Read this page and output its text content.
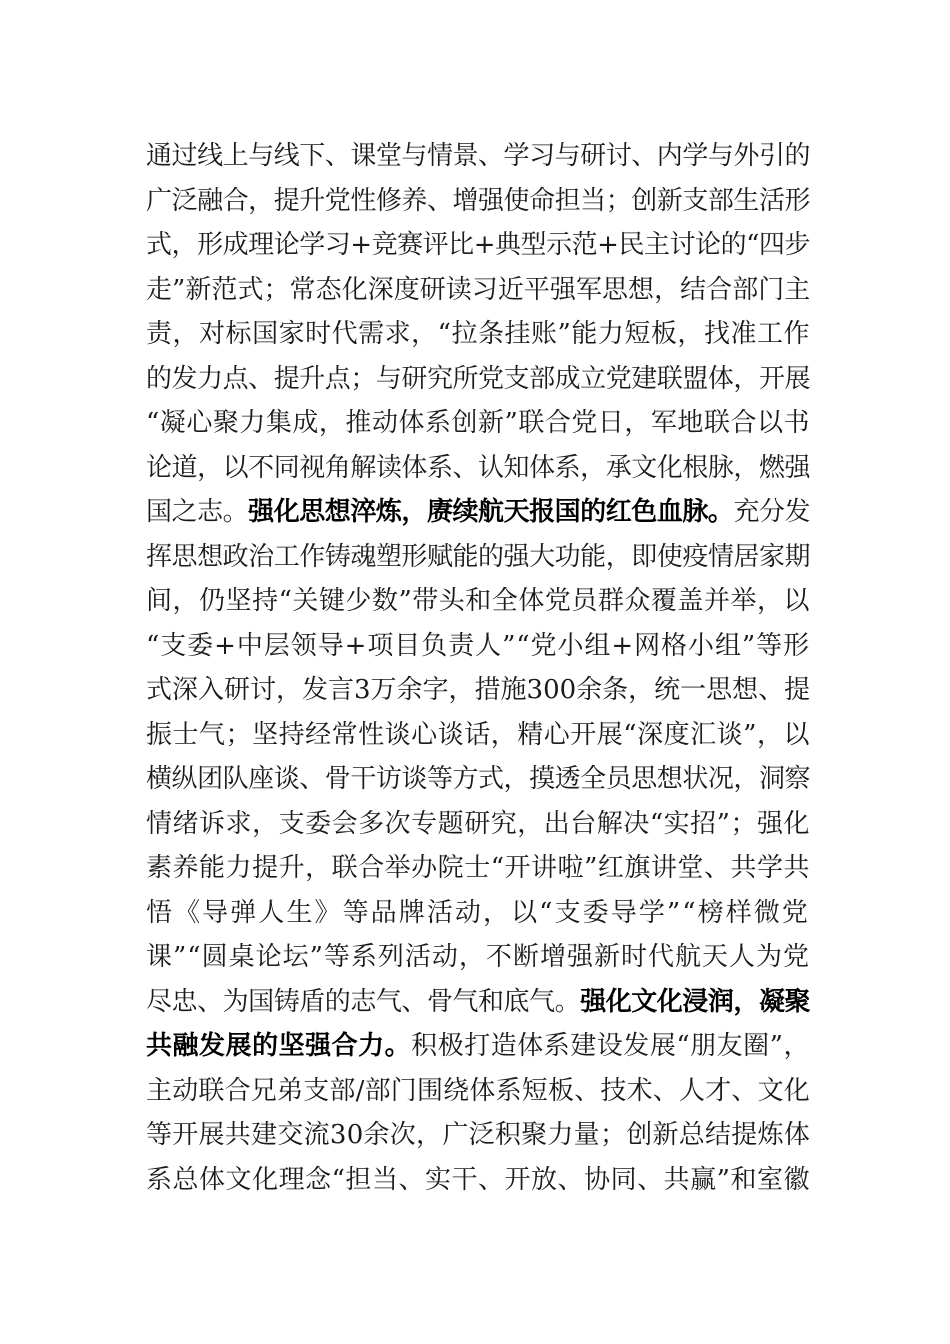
通过线上与线下、课堂与情景、学习与研讨、内学与外引的
广泛融合，提升党性修养、增强使命担当；创新支部生活形
式，形成理论学习+竞赛评比+典型示范+民主讨论的“四步
走”新范式；常态化深度研读习近平强军思想，结合部门主
责，对标国家时代需求，“拉条挂账”能力短板，找准工作
的发力点、提升点；与研究所党支部成立党建联盟体，开展
“凝心聚力集成，推动体系创新”联合党日，军地联合以书
论道，以不同视角解读体系、认知体系，承文化根脉，燃强
国之志。强化思想淬炼，赓续航天报国的红色血脉。充分发
挥思想政治工作铸魂塑形赋能的强大功能，即使疫情居家期
间，仍坚持“关键少数”带头和全体党员群众覆盖并举，以
“支委+中层领导+项目负责人”“党小组+网格小组”等形
式深入研讨，发言3万余字，措施300余条，统一思想、提
振士气；坚持经常性谈心谈话，精心开展“深度汇谈”，以
横纵团队座谈、骨干访谈等方式，摸透全员思想状况，洞察
情绪诉求，支委会多次专题研究，出台解决“实招”；强化
素养能力提升，联合举办院士“开讲啦”红旗讲堂、共学共
悟《导弹人生》等品牌活动，以“支委导学”“榜样微党
课”“圆桌论坛”等系列活动，不断增强新时代航天人为党
尽忠、为国铸盾的志气、骨气和底气。强化文化浸润，凝聚
共融发展的坚强合力。积极打造体系建设发展“朋友圈”，
主动联合兄弟支部/部门围绕体系短板、技术、人才、文化
等开展共建交流30余次，广泛积聚力量；创新总结提炼体
系总体文化理念“担当、实干、开放、协同、共赢”和室徽
